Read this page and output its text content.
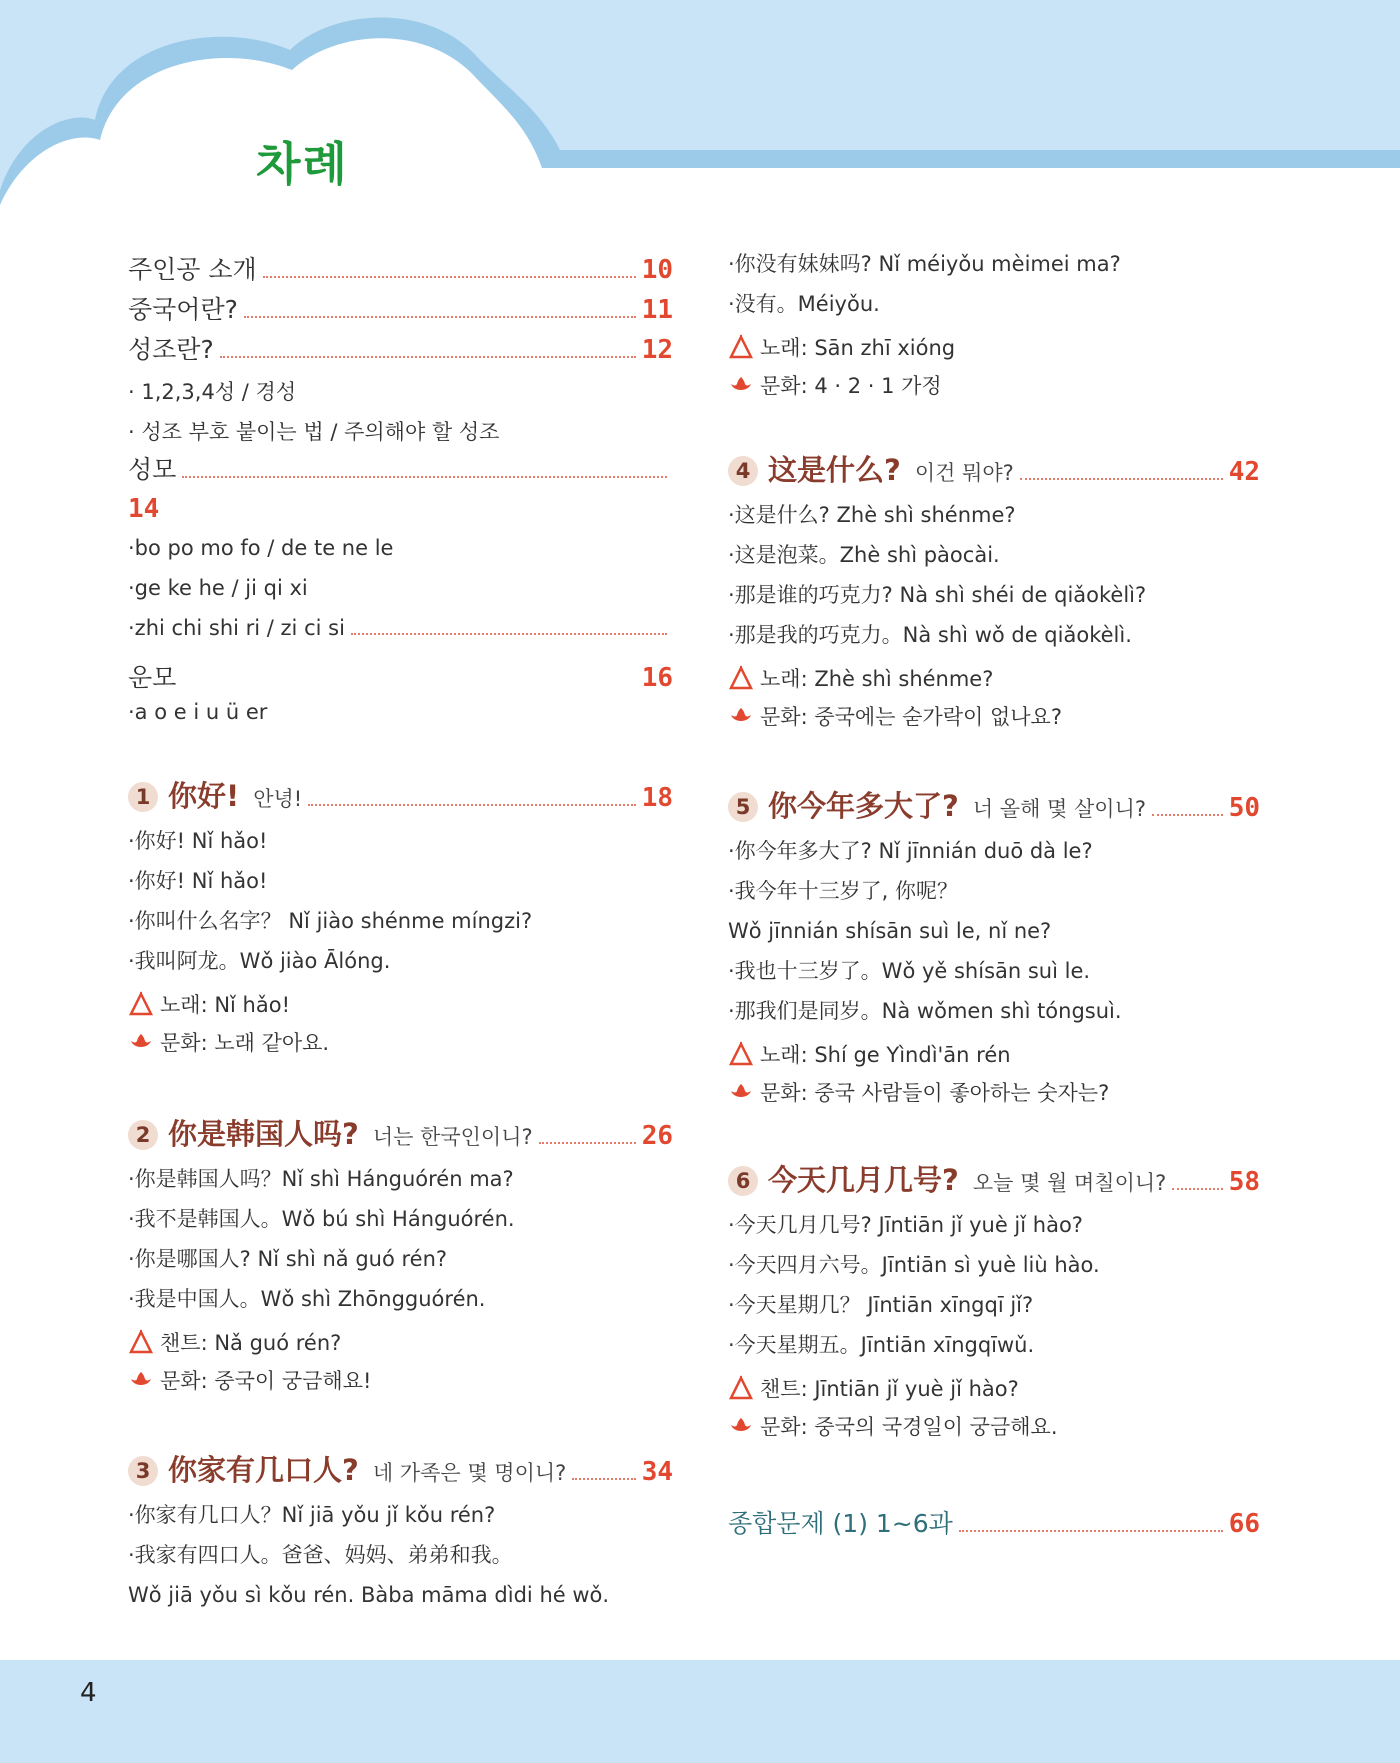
차례
주인공 소개	10
중국어란?	11
성조란?	12
· 1,2,3,4성 / 경성
· 성조 부호 붙이는 법 / 주의해야 할 성조
성모
14
·bo po mo fo / de te ne le
·ge ke he / ji qi xi
·zhi chi shi ri / zi ci si
운모	16
·a o e i u ü er
1 你好! 안녕!	18
·你好! Nǐ hǎo!
·你好! Nǐ hǎo!
·你叫什么名字？ Nǐ jiào shénme míngzi?
·我叫阿龙。Wǒ jiào Ālóng.
노래: Nǐ hǎo!
문화: 노래 같아요.
2 你是韩国人吗? 너는 한국인이니?	26
·你是韩国人吗？Nǐ shì Hánguórén ma?
·我不是韩国人。Wǒ bú shì Hánguórén.
·你是哪国人? Nǐ shì nǎ guó rén?
·我是中国人。Wǒ shì Zhōngguórén.
챈트: Nǎ guó rén?
문화: 중국이 궁금해요!
3 你家有几口人? 네 가족은 몇 명이니?	34
·你家有几口人？Nǐ jiā yǒu jǐ kǒu rén?
·我家有四口人。爸爸、妈妈、弟弟和我。
Wǒ jiā yǒu sì kǒu rén. Bàba māma dìdi hé wǒ.
·你没有妹妹吗? Nǐ méiyǒu mèimei ma?
·没有。Méiyǒu.
노래: Sān zhī xióng
문화: 4 · 2 · 1 가정
4 这是什么? 이건 뭐야?	42
·这是什么? Zhè shì shénme?
·这是泡菜。Zhè shì pàocài.
·那是谁的巧克力? Nà shì shéi de qiǎokèlì?
·那是我的巧克力。Nà shì wǒ de qiǎokèlì.
노래: Zhè shì shénme?
문화: 중국에는 숟가락이 없나요?
5 你今年多大了? 너 올해 몇 살이니?	50
·你今年多大了? Nǐ jīnnián duō dà le?
·我今年十三岁了, 你呢？
Wǒ jīnnián shísān suì le, nǐ ne?
·我也十三岁了。Wǒ yě shísān suì le.
·那我们是同岁。Nà wǒmen shì tóngsuì.
노래: Shí ge Yìndì'ān rén
문화: 중국 사람들이 좋아하는 숫자는?
6 今天几月几号? 오늘 몇 월 며칠이니? 58
·今天几月几号? Jīntiān jǐ yuè jǐ hào?
·今天四月六号。Jīntiān sì yuè liù hào.
·今天星期几？ Jīntiān xīngqī jǐ?
·今天星期五。Jīntiān xīngqīwǔ.
챈트: Jīntiān jǐ yuè jǐ hào?
문화: 중국의 국경일이 궁금해요.
종합문제 (1) 1~6과	66
4
